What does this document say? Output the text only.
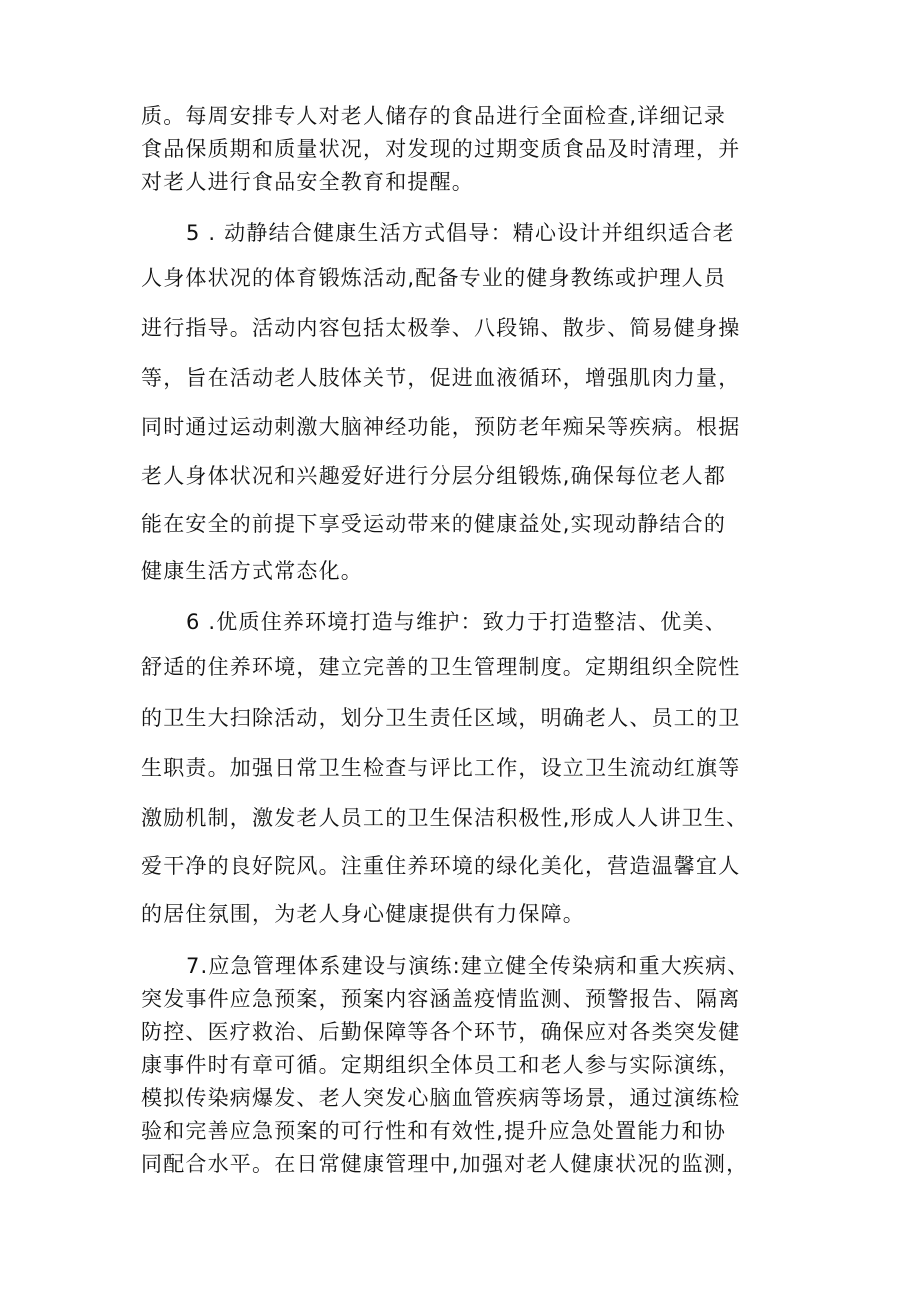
质。每周安排专人对老人储存的食品进行全面检查,详细记录
食品保质期和质量状况，对发现的过期变质食品及时清理，并
对老人进行食品安全教育和提醒。
5 . 动静结合健康生活方式倡导：精心设计并组织适合老
人身体状况的体育锻炼活动,配备专业的健身教练或护理人员
进行指导。活动内容包括太极拳、八段锦、散步、简易健身操
等，旨在活动老人肢体关节，促进血液循环，增强肌肉力量，
同时通过运动刺激大脑神经功能，预防老年痴呆等疾病。根据
老人身体状况和兴趣爱好进行分层分组锻炼,确保每位老人都
能在安全的前提下享受运动带来的健康益处,实现动静结合的
健康生活方式常态化。
6 .优质住养环境打造与维护：致力于打造整洁、优美、
舒适的住养环境，建立完善的卫生管理制度。定期组织全院性
的卫生大扫除活动，划分卫生责任区域，明确老人、员工的卫
生职责。加强日常卫生检查与评比工作，设立卫生流动红旗等
激励机制，激发老人员工的卫生保洁积极性,形成人人讲卫生、
爱干净的良好院风。注重住养环境的绿化美化，营造温馨宜人
的居住氛围，为老人身心健康提供有力保障。
7.应急管理体系建设与演练:建立健全传染病和重大疾病、
突发事件应急预案，预案内容涵盖疫情监测、预警报告、隔离
防控、医疗救治、后勤保障等各个环节，确保应对各类突发健
康事件时有章可循。定期组织全体员工和老人参与实际演练，
模拟传染病爆发、老人突发心脑血管疾病等场景，通过演练检
验和完善应急预案的可行性和有效性,提升应急处置能力和协
同配合水平。在日常健康管理中,加强对老人健康状况的监测，
